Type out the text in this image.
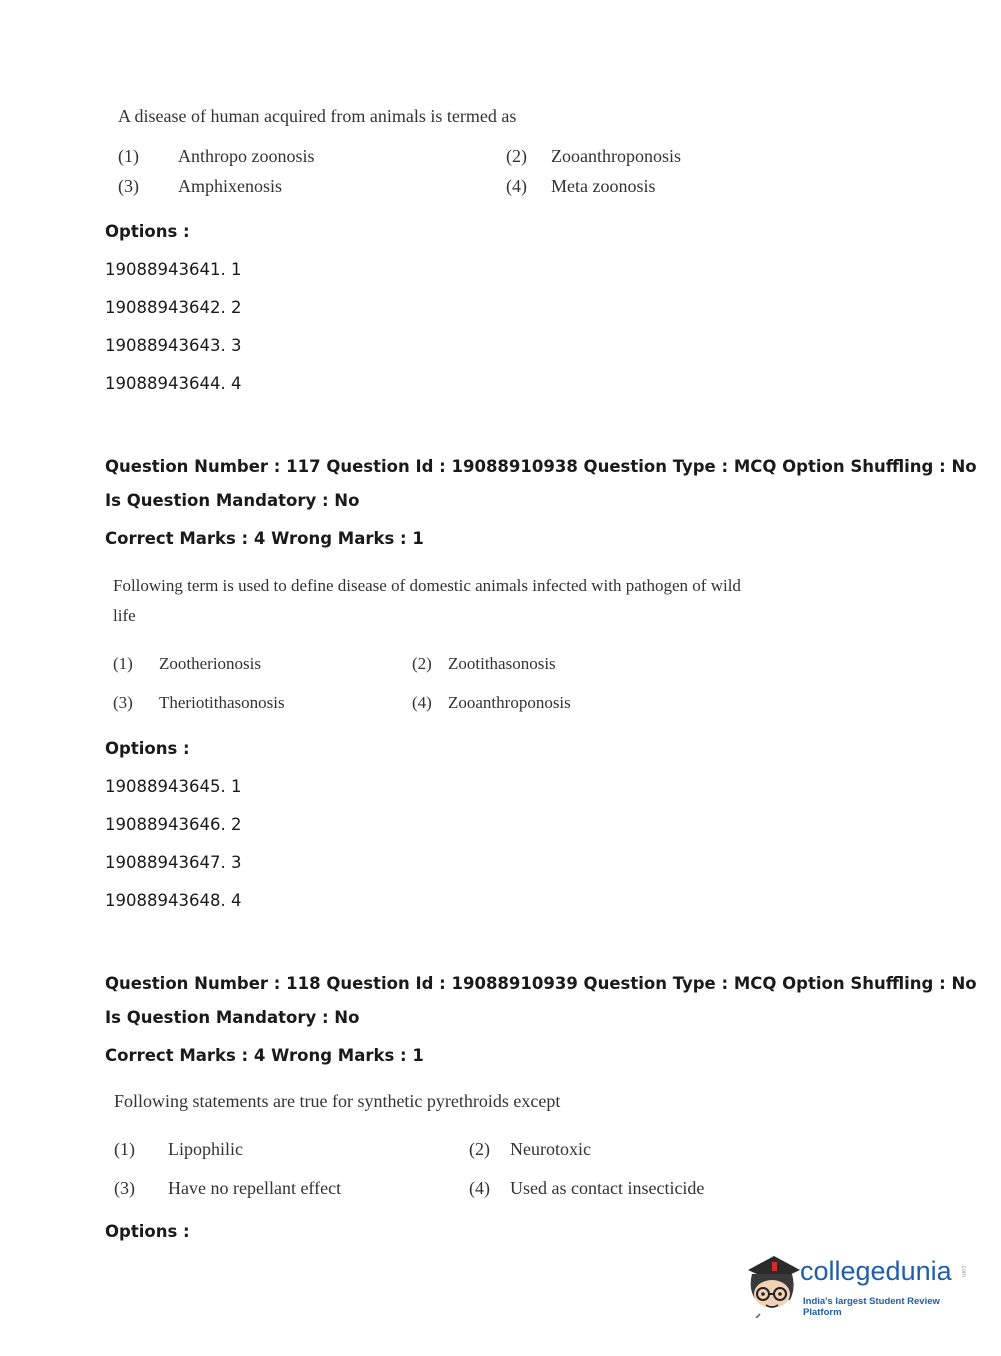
A disease of human acquired from animals is termed as
(1) Anthropo zoonosis	(2) Zooanthroponosis
(3) Amphixenosis	(4) Meta zoonosis
Options :
19088943641. 1
19088943642. 2
19088943643. 3
19088943644. 4
Question Number : 117 Question Id : 19088910938 Question Type : MCQ Option Shuffling : No
Is Question Mandatory : No
Correct Marks : 4 Wrong Marks : 1
Following term is used to define disease of domestic animals infected with pathogen of wild
life
(1) Zootherionosis	(2) Zootithasonosis
(3) Theriotithasonosis	(4) Zooanthroponosis
Options :
19088943645. 1
19088943646. 2
19088943647. 3
19088943648. 4
Question Number : 118 Question Id : 19088910939 Question Type : MCQ Option Shuffling : No
Is Question Mandatory : No
Correct Marks : 4 Wrong Marks : 1
Following statements are true for synthetic pyrethroids except
(1) Lipophilic	(2) Neurotoxic
(3) Have no repellant effect	(4) Used as contact insecticide
Options :
collegedunia .com
India's largest Student Review Platform
